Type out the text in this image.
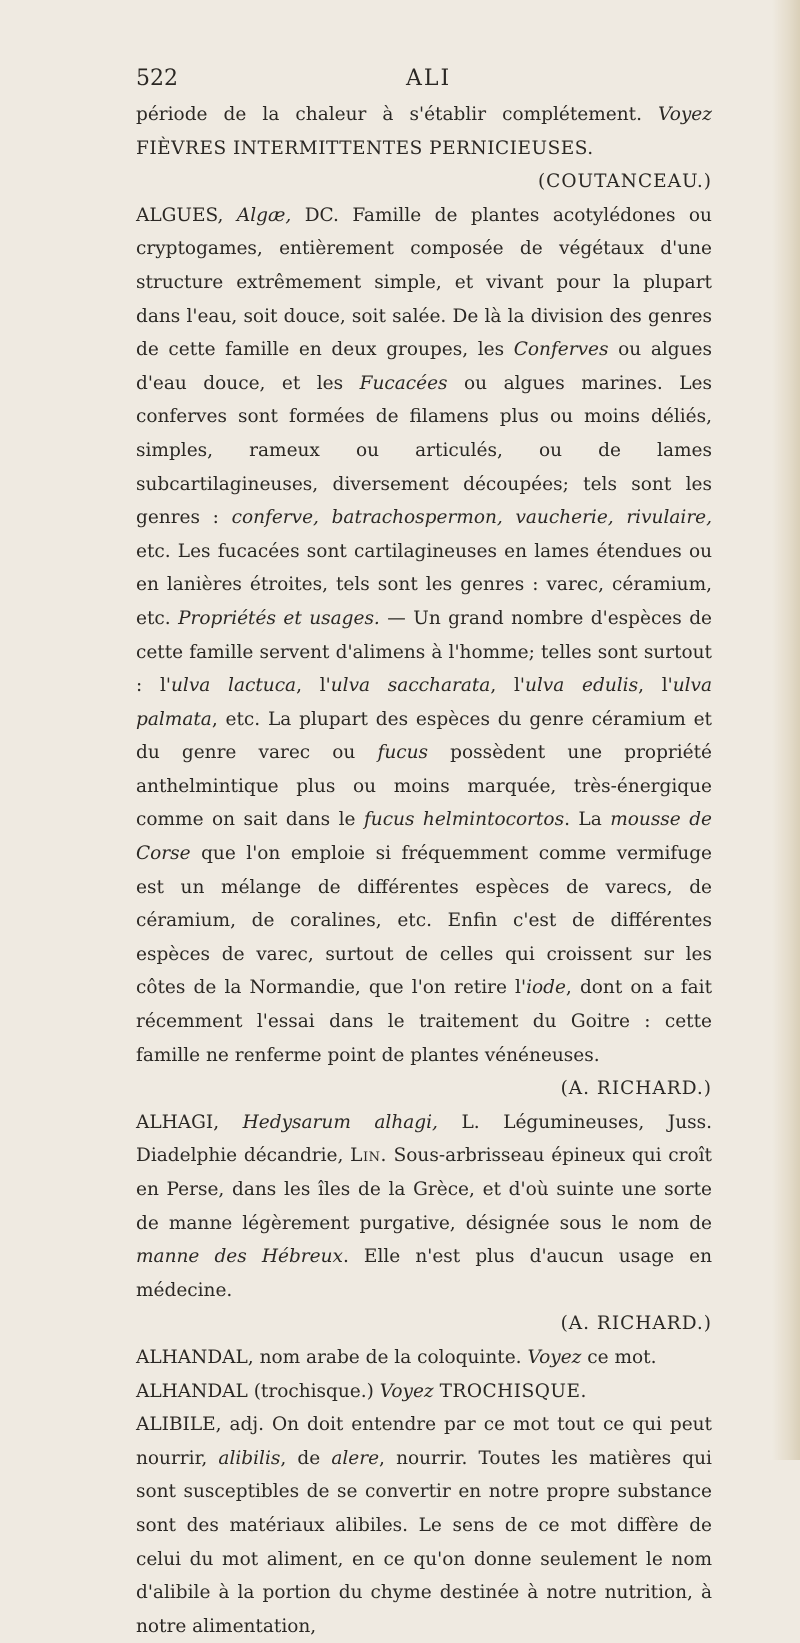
522	ALI

période de la chaleur à s'établir complétement. Voyez FIÈVRES INTERMITTENTES PERNICIEUSES.
(COUTANCEAU.)

ALGUES, Algæ, DC. Famille de plantes acotylédones ou cryptogames, entièrement composée de végétaux d'une structure extrêmement simple, et vivant pour la plupart dans l'eau, soit douce, soit salée. De là la division des genres de cette famille en deux groupes, les Conferves ou algues d'eau douce, et les Fucacées ou algues marines. Les conferves sont formées de filamens plus ou moins déliés, simples, rameux ou articulés, ou de lames subcartilagineuses, diversement découpées; tels sont les genres : conferve, batrachospermon, vaucherie, rivulaire, etc. Les fucacées sont cartilagineuses en lames étendues ou en lanières étroites, tels sont les genres : varec, céramium, etc. Propriétés et usages. — Un grand nombre d'espèces de cette famille servent d'alimens à l'homme; telles sont surtout : l'ulva lactuca, l'ulva saccharata, l'ulva edulis, l'ulva palmata, etc. La plupart des espèces du genre céramium et du genre varec ou fucus possèdent une propriété anthelmintique plus ou moins marquée, très-énergique comme on sait dans le fucus helmintocortos. La mousse de Corse que l'on emploie si fréquemment comme vermifuge est un mélange de différentes espèces de varecs, de céramium, de coralines, etc. Enfin c'est de différentes espèces de varec, surtout de celles qui croissent sur les côtes de la Normandie, que l'on retire l'iode, dont on a fait récemment l'essai dans le traitement du Goitre : cette famille ne renferme point de plantes vénéneuses.
(A. RICHARD.)

ALHAGI, Hedysarum alhagi, L. Légumineuses, Juss. Diadelphie décandrie, Lin. Sous-arbrisseau épineux qui croît en Perse, dans les îles de la Grèce, et d'où suinte une sorte de manne légèrement purgative, désignée sous le nom de manne des Hébreux. Elle n'est plus d'aucun usage en médecine.
(A. RICHARD.)

ALHANDAL, nom arabe de la coloquinte. Voyez ce mot.

ALHANDAL (trochisque.) Voyez TROCHISQUE.

ALIBILE, adj. On doit entendre par ce mot tout ce qui peut nourrir, alibilis, de alere, nourrir. Toutes les matières qui sont susceptibles de se convertir en notre propre substance sont des matériaux alibiles. Le sens de ce mot diffère de celui du mot aliment, en ce qu'on donne seulement le nom d'alibile à la portion du chyme destinée à notre nutrition, à notre alimentation,
